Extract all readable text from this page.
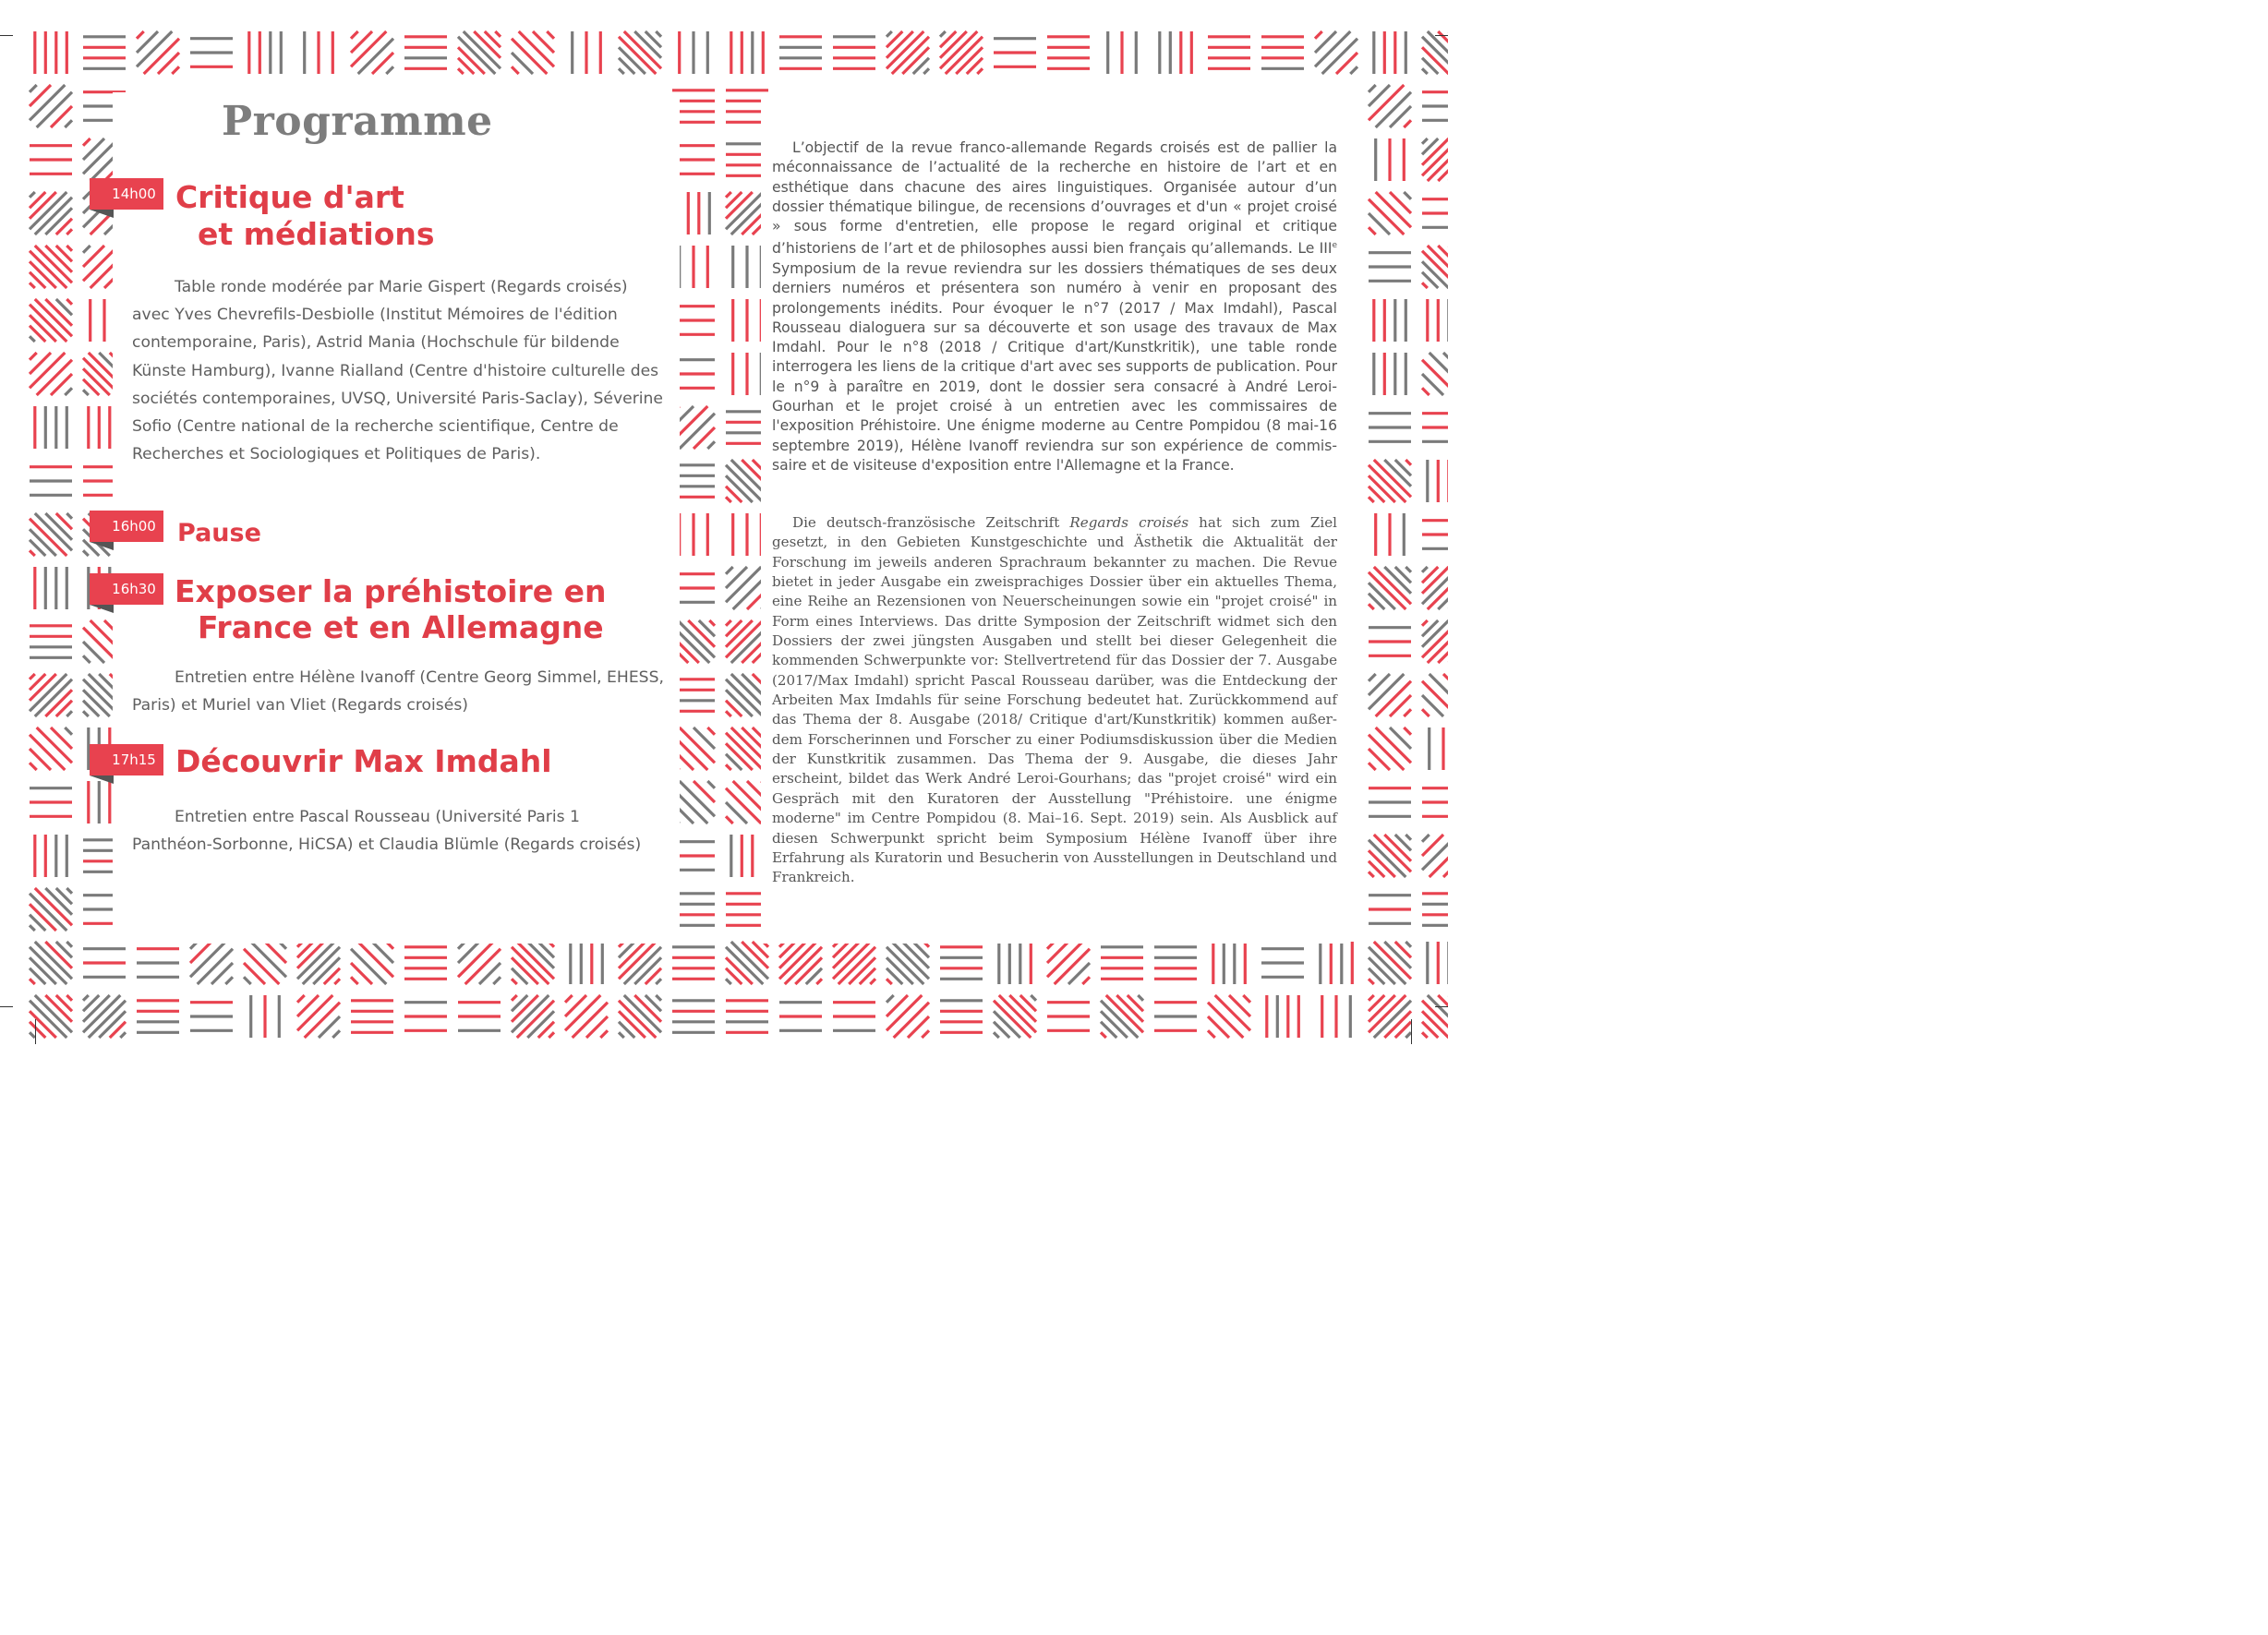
Programme
14h00 Critique d'art
et médiations

Table ronde modérée par Marie Gispert (Regards croisés) avec Yves Chevrefils-Desbiolle (Institut Mémoires de l'édition contemporaine, Paris), Astrid Mania (Hochschule für bildende Künste Hamburg), Ivanne Rialland (Centre d'histoire culturelle des sociétés contemporaines, UVSQ, Université Paris-Saclay), Séverine Sofio (Centre national de la recherche scientifique, Centre de Recherches et Sociologiques et Politiques de Paris).

16h00 Pause
16h30 Exposer la préhistoire en
France et en Allemagne

Entretien entre Hélène Ivanoff (Centre Georg Simmel, EHESS, Paris) et Muriel van Vliet (Regards croisés)

17h15 Découvrir Max Imdahl

Entretien entre Pascal Rousseau (Université Paris 1 Panthéon-Sorbonne, HiCSA) et Claudia Blümle (Regards croisés)

L’objectif de la revue franco-allemande Regards croisés est de pallier la méconnaissance de l’actualité de la recherche en histoire de l’art et en esthétique dans chacune des aires linguistiques. Organisée autour d’un dossier thématique bilingue, de recensions d’ouvrages et d'un « projet croisé » sous forme d'entretien, elle propose le regard original et critique d’historiens de l’art et de philosophes aussi bien français qu’allemands. Le IIIe Symposium de la revue reviendra sur les dossiers thématiques de ses deux derniers numéros et présentera son numéro à venir en proposant des prolongements inédits. Pour évoquer le n°7 (2017 / Max Imdahl), Pascal Rousseau dialoguera sur sa découverte et son usage des travaux de Max Imdahl. Pour le n°8 (2018 / Critique d'art/Kunstkritik), une table ronde interrogera les liens de la critique d'art avec ses supports de publication. Pour le n°9 à paraître en 2019, dont le dossier sera consacré à André Leroi-Gourhan et le projet croisé à un entretien avec les commissaires de l'exposition Préhistoire. Une énigme moderne au Centre Pompidou (8 mai-16 septembre 2019), Hélène Ivanoff reviendra sur son expérience de commissaire et de visiteuse d'exposition entre l'Allemagne et la France.

Die deutsch-französische Zeitschrift Regards croisés hat sich zum Ziel gesetzt, in den Gebieten Kunstgeschichte und Ästhetik die Aktualität der Forschung im jeweils anderen Sprachraum bekannter zu machen. Die Revue bietet in jeder Ausgabe ein zweisprachiges Dossier über ein aktuelles Thema, eine Reihe an Rezensionen von Neuerscheinungen sowie ein "projet croisé" in Form eines Interviews. Das dritte Symposion der Zeitschrift widmet sich den Dossiers der zwei jüngsten Ausgaben und stellt bei dieser Gelegenheit die kommenden Schwerpunkte vor: Stellvertretend für das Dossier der 7. Ausgabe (2017/Max Imdahl) spricht Pascal Rousseau darüber, was die Entdeckung der Arbeiten Max Imdahls für seine Forschung bedeutet hat. Zurückkommend auf das Thema der 8. Ausgabe (2018/ Critique d'art/Kunstkritik) kommen außerdem Forscherinnen und Forscher zu einer Podiumsdiskussion über die Medien der Kunstkritik zusammen. Das Thema der 9. Ausgabe, die dieses Jahr erscheint, bildet das Werk André Leroi-Gourhans; das "projet croisé" wird ein Gespräch mit den Kuratoren der Ausstellung "Préhistoire. une énigme moderne" im Centre Pompidou (8. Mai–16. Sept. 2019) sein. Als Ausblick auf diesen Schwerpunkt spricht beim Symposium Hélène Ivanoff über ihre Erfahrung als Kuratorin und Besucherin von Ausstellungen in Deutschland und Frankreich.
